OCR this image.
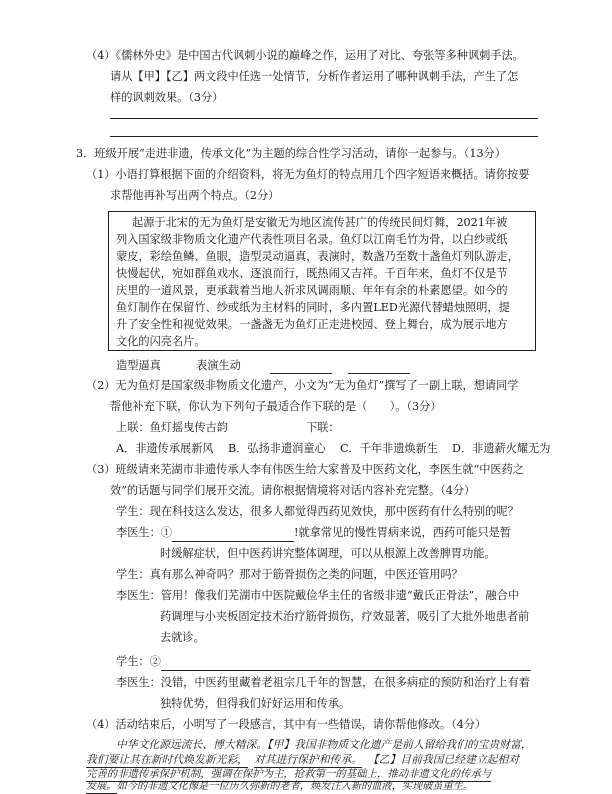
（4）《儒林外史》是中国古代讽刺小说的巅峰之作，运用了对比、夸张等多种讽刺手法。
请从【甲】【乙】两文段中任选一处情节，分析作者运用了哪种讽刺手法，产生了怎
样的讽刺效果。（3分）
3．班级开展“走进非遗，传承文化”为主题的综合性学习活动，请你一起参与。（13分）
（1）小语打算根据下面的介绍资料，将无为鱼灯的特点用几个四字短语来概括。请你按要
求帮他再补写出两个特点。（2分）
起源于北宋的无为鱼灯是安徽无为地区流传甚广的传统民间灯舞，2021年被
列入国家级非物质文化遗产代表性项目名录。鱼灯以江南毛竹为骨，以白纱或纸
蒙皮，彩绘鱼鳞、鱼眼，造型灵动逼真，表演时，数盏乃至数十盏鱼灯列队游走，
快慢起伏，宛如群鱼戏水、逐浪而行，既热闹又吉祥。千百年来，鱼灯不仅是节
庆里的一道风景，更承载着当地人祈求风调雨顺、年年有余的朴素愿望。如今的
鱼灯制作在保留竹、纱或纸为主材料的同时，多内置LED光源代替蜡烛照明，提
升了安全性和视觉效果。一盏盏无为鱼灯正走进校园、登上舞台，成为展示地方
文化的闪亮名片。
造型逼真	表演生动
（2）无为鱼灯是国家级非物质文化遗产，小文为“无为鱼灯”撰写了一副上联，想请同学
帮他补充下联，你认为下列句子最适合作下联的是（　　）。（3分）
上联：鱼灯摇曳传古韵	下联：
A．非遗传承展新风 B．弘扬非遗润童心 C．千年非遗焕新生 D．非遗薪火耀无为
（3）班级请来芜湖市非遗传承人李有伟医生给大家普及中医药文化，李医生就“中医药之
效”的话题与同学们展开交流。请你根据情境将对话内容补充完整。（4分）
学生：现在科技这么发达，很多人都觉得西药见效快，那中医药有什么特别的呢？
李医生：①	!就拿常见的慢性胃病来说，西药可能只是暂
时缓解症状，但中医药讲究整体调理，可以从根源上改善脾胃功能。
学生：真有那么神奇吗？那对于筋骨损伤之类的问题，中医还管用吗？
李医生：管用！像我们芜湖市中医院戴俭华主任的省级非遗“戴氏正骨法”，融合中
药调理与小夹板固定技术治疗筋骨损伤，疗效显著，吸引了大批外地患者前
去就诊。
学生：②
李医生：没错，中医药里藏着老祖宗几千年的智慧，在很多病症的预防和治疗上有着
独特优势，但得我们好好运用和传承。
（4）活动结束后，小明写了一段感言，其中有一些错误，请你帮他修改。（4分）
中华文化源远流长、博大精深。【甲】我国非物质文化遗产是前人留给我们的宝贵财富，
我们要让其在新时代焕发新光彩， 对其进行保护和传承。 【乙】目前我国已经建立起相对
完善的非遗传承保护机制，强调在保护为主，抢救第一的基础上，推动非遗文化的传承与
发展。如今的非遗文化像是一位历久弥新的老者，焕发注入新的血液，实现破茧重生。
